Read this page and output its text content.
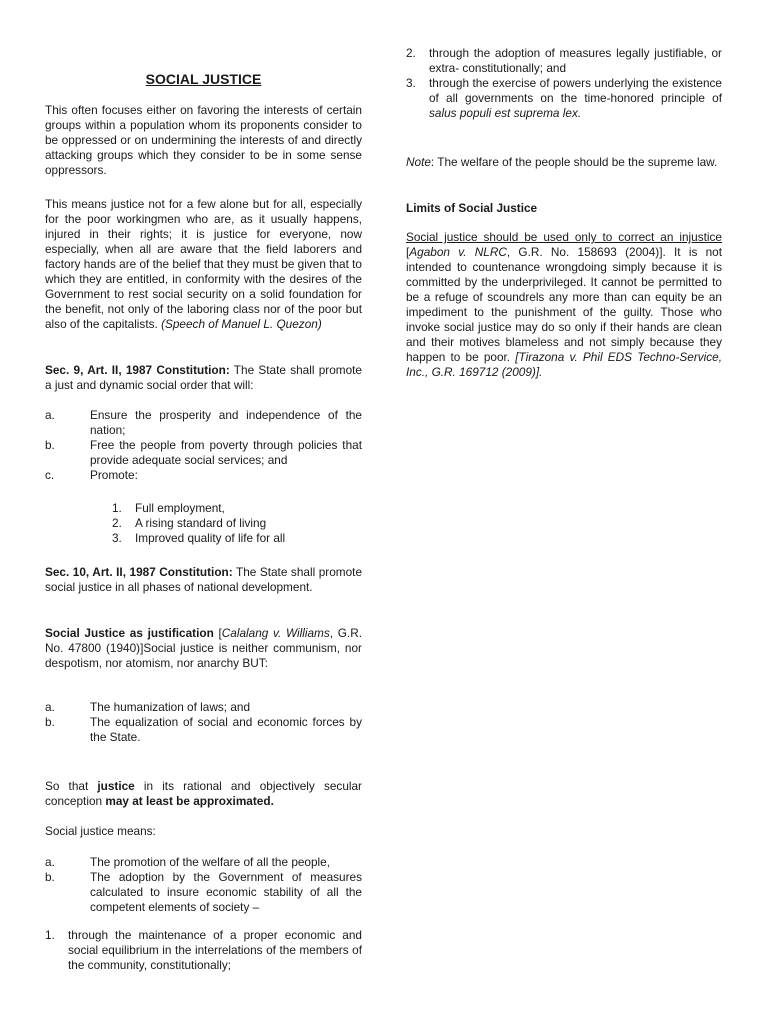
SOCIAL JUSTICE

This often focuses either on favoring the interests of certain groups within a population whom its proponents consider to be oppressed or on undermining the interests of and directly attacking groups which they consider to be in some sense oppressors.

This means justice not for a few alone but for all, especially for the poor workingmen who are, as it usually happens, injured in their rights; it is justice for everyone, now especially, when all are aware that the field laborers and factory hands are of the belief that they must be given that to which they are entitled, in conformity with the desires of the Government to rest social security on a solid foundation for the benefit, not only of the laboring class nor of the poor but also of the capitalists. (Speech of Manuel L. Quezon)

Sec. 9, Art. II, 1987 Constitution: The State shall promote a just and dynamic social order that will:

a.	Ensure the prosperity and independence of the nation;
b.	Free the people from poverty through policies that provide adequate social services; and
c.	Promote:
1. Full employment,
2. A rising standard of living
3. Improved quality of life for all

Sec. 10, Art. II, 1987 Constitution: The State shall promote social justice in all phases of national development.

Social Justice as justification [Calalang v. Williams, G.R. No. 47800 (1940)]Social justice is neither communism, nor despotism, nor atomism, nor anarchy BUT:

a.	The humanization of laws; and
b.	The equalization of social and economic forces by the State.

So that justice in its rational and objectively secular conception may at least be approximated.

Social justice means:

a.	The promotion of the welfare of all the people,
b.	The adoption by the Government of measures calculated to insure economic stability of all the competent elements of society –
1. through the maintenance of a proper economic and social equilibrium in the interrelations of the members of the community, constitutionally;
2. through the adoption of measures legally justifiable, or extra- constitutionally; and
3. through the exercise of powers underlying the existence of all governments on the time-honored principle of salus populi est suprema lex.

Note: The welfare of the people should be the supreme law.

Limits of Social Justice

Social justice should be used only to correct an injustice [Agabon v. NLRC, G.R. No. 158693 (2004)]. It is not intended to countenance wrongdoing simply because it is committed by the underprivileged. It cannot be permitted to be a refuge of scoundrels any more than can equity be an impediment to the punishment of the guilty. Those who invoke social justice may do so only if their hands are clean and their motives blameless and not simply because they happen to be poor. [Tirazona v. Phil EDS Techno-Service, Inc., G.R. 169712 (2009)].
